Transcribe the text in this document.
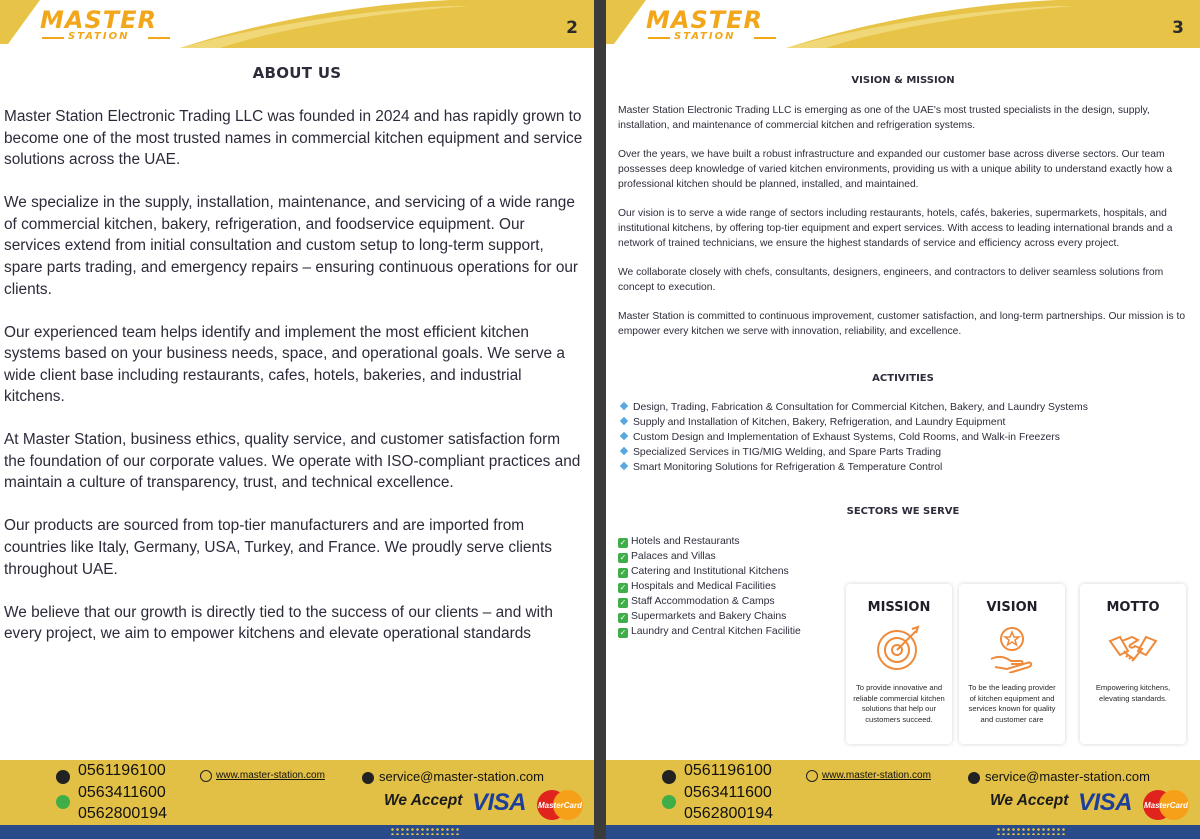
MASTER
STATION	2
ABOUT US

Master Station Electronic Trading LLC was founded in 2024 and has rapidly grown to become one of the most trusted names in commercial kitchen equipment and service solutions across the UAE.

We specialize in the supply, installation, maintenance, and servicing of a wide range of commercial kitchen, bakery, refrigeration, and foodservice equipment. Our services extend from initial consultation and custom setup to long-term support, spare parts trading, and emergency repairs – ensuring continuous operations for our clients.

Our experienced team helps identify and implement the most efficient kitchen systems based on your business needs, space, and operational goals. We serve a wide client base including restaurants, cafes, hotels, bakeries, and industrial kitchens.

At Master Station, business ethics, quality service, and customer satisfaction form the foundation of our corporate values. We operate with ISO-compliant practices and maintain a culture of transparency, trust, and technical excellence.

Our products are sourced from top-tier manufacturers and are imported from countries like Italy, Germany, USA, Turkey, and France. We proudly serve clients throughout UAE.

We believe that our growth is directly tied to the success of our clients – and with every project, we aim to empower kitchens and elevate operational standards

0561196100
0563411600
0562800194
www.master-station.com	service@master-station.com
We Accept VISA MasterCard
MASTER
STATION	3
VISION & MISSION

Master Station Electronic Trading LLC is emerging as one of the UAE's most trusted specialists in the design, supply, installation, and maintenance of commercial kitchen and refrigeration systems.

Over the years, we have built a robust infrastructure and expanded our customer base across diverse sectors. Our team possesses deep knowledge of varied kitchen environments, providing us with a unique ability to understand exactly how a professional kitchen should be planned, installed, and maintained.

Our vision is to serve a wide range of sectors including restaurants, hotels, cafés, bakeries, supermarkets, hospitals, and institutional kitchens, by offering top-tier equipment and expert services. With access to leading international brands and a network of trained technicians, we ensure the highest standards of service and efficiency across every project.

We collaborate closely with chefs, consultants, designers, engineers, and contractors to deliver seamless solutions from concept to execution.

Master Station is committed to continuous improvement, customer satisfaction, and long-term partnerships. Our mission is to empower every kitchen we serve with innovation, reliability, and excellence.

ACTIVITIES
Design, Trading, Fabrication & Consultation for Commercial Kitchen, Bakery, and Laundry Systems
Supply and Installation of Kitchen, Bakery, Refrigeration, and Laundry Equipment
Custom Design and Implementation of Exhaust Systems, Cold Rooms, and Walk-in Freezers
Specialized Services in TIG/MIG Welding, and Spare Parts Trading
Smart Monitoring Solutions for Refrigeration & Temperature Control
SECTORS WE SERVE
✓ Hotels and Restaurants
✓ Palaces and Villas
✓ Catering and Institutional Kitchens
✓ Hospitals and Medical Facilities
✓ Staff Accommodation & Camps
✓ Supermarkets and Bakery Chains
✓ Laundry and Central Kitchen Facilitie
MISSION
To provide innovative and reliable commercial kitchen solutions that help our customers succeed.
VISION
To be the leading provider of kitchen equipment and services known for quality and customer care
MOTTO
Empowering kitchens, elevating standards.
0561196100
0563411600
0562800194
www.master-station.com	service@master-station.com
We Accept VISA MasterCard
